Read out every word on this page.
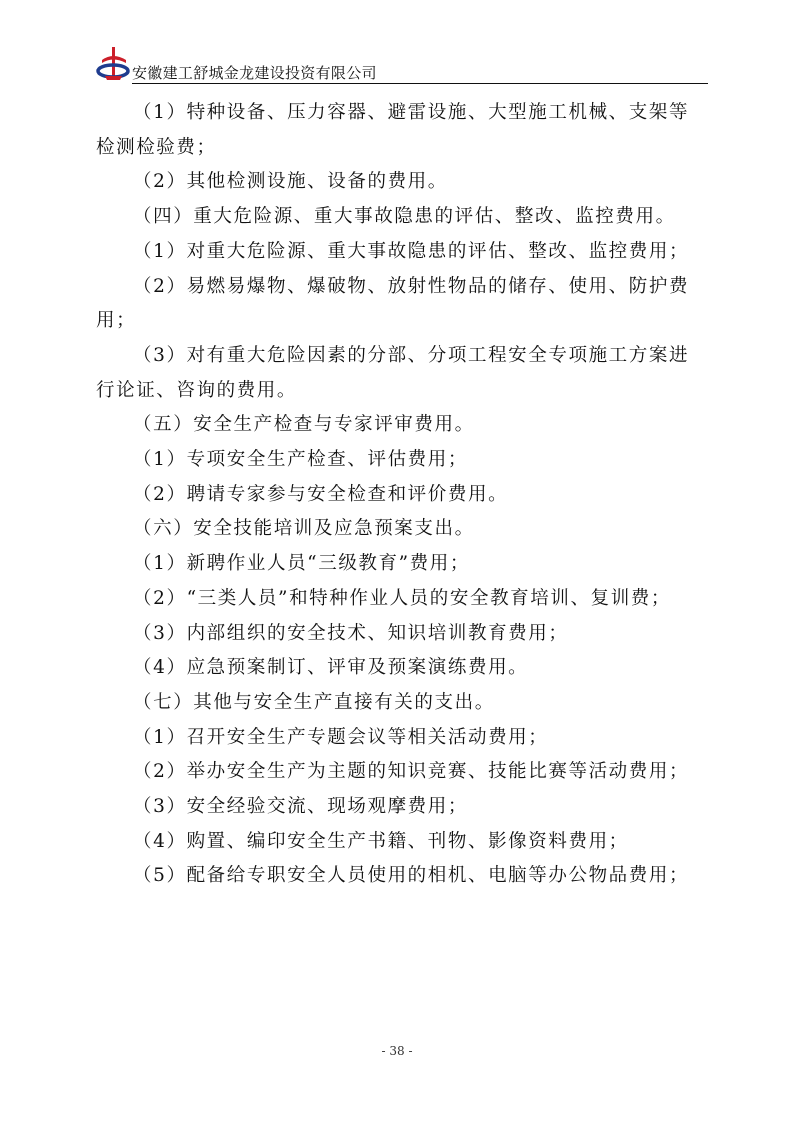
安徽建工舒城金龙建设投资有限公司

（1）特种设备、压力容器、避雷设施、大型施工机械、支架等检测检验费；

（2）其他检测设施、设备的费用。

（四）重大危险源、重大事故隐患的评估、整改、监控费用。

（1）对重大危险源、重大事故隐患的评估、整改、监控费用；

（2）易燃易爆物、爆破物、放射性物品的储存、使用、防护费用；

（3）对有重大危险因素的分部、分项工程安全专项施工方案进行论证、咨询的费用。

（五）安全生产检查与专家评审费用。

（1）专项安全生产检查、评估费用；

（2）聘请专家参与安全检查和评价费用。

（六）安全技能培训及应急预案支出。

（1）新聘作业人员“三级教育”费用；

（2）“三类人员”和特种作业人员的安全教育培训、复训费；

（3）内部组织的安全技术、知识培训教育费用；

（4）应急预案制订、评审及预案演练费用。

（七）其他与安全生产直接有关的支出。

（1）召开安全生产专题会议等相关活动费用；

（2）举办安全生产为主题的知识竞赛、技能比赛等活动费用；

（3）安全经验交流、现场观摩费用；

（4）购置、编印安全生产书籍、刊物、影像资料费用；

（5）配备给专职安全人员使用的相机、电脑等办公物品费用；

- 38 -
